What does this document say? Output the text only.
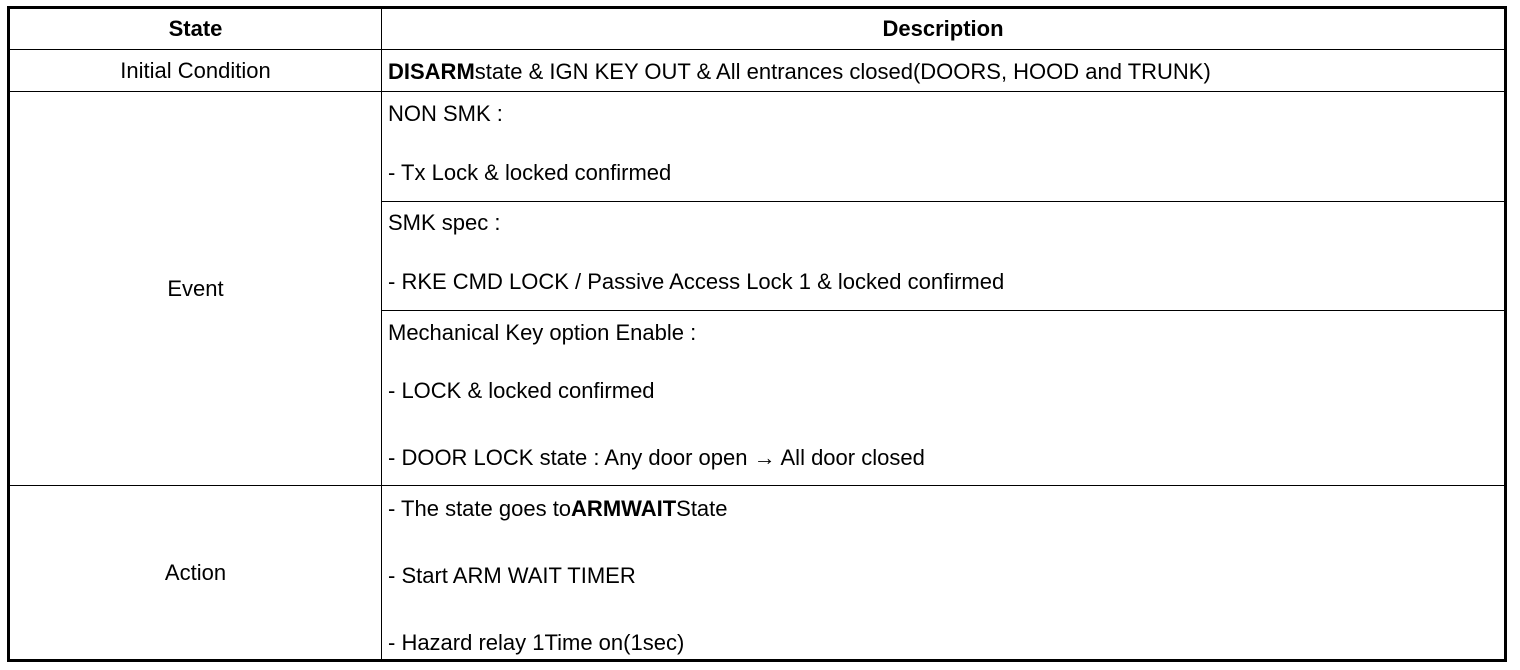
State	Description
Initial Condition	DISARMstate & IGN KEY OUT & All entrances closed(DOORS, HOOD and TRUNK)
Event
NON SMK :
- Tx Lock & locked confirmed
SMK spec :
- RKE CMD LOCK / Passive Access Lock 1 & locked confirmed
Mechanical Key option Enable :
- LOCK & locked confirmed
- DOOR LOCK state : Any door open → All door closed
Action
- The state goes toARMWAITState
- Start ARM WAIT TIMER
- Hazard relay 1Time on(1sec)
